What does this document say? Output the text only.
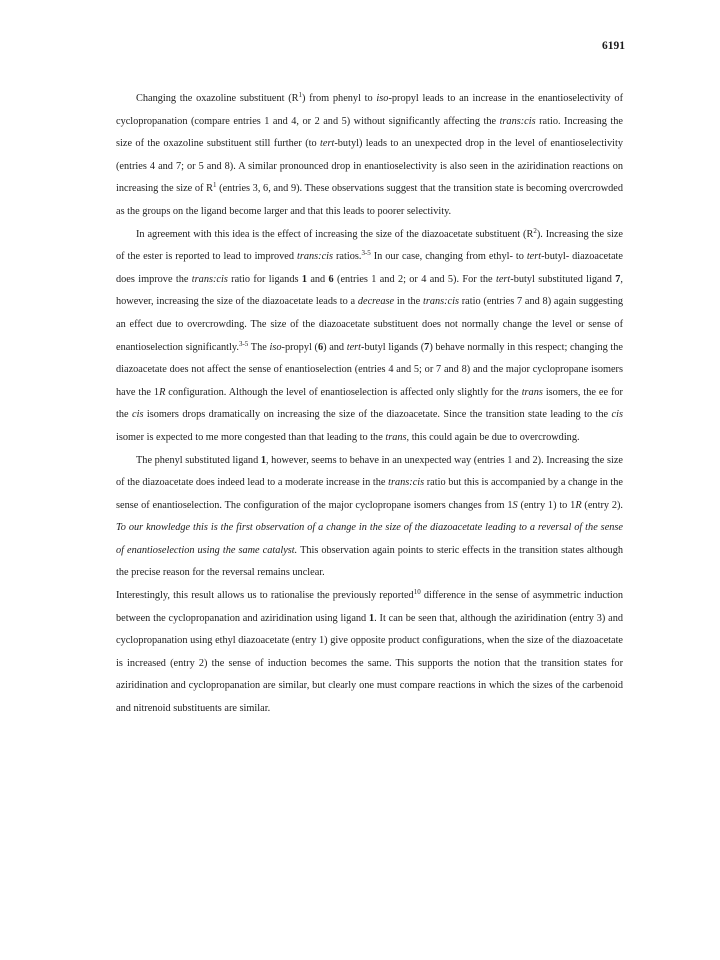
6191

Changing the oxazoline substituent $(R^1)$ from phenyl to iso-propyl leads to an increase in the enantioselectivity of cyclopropanation (compare entries 1 and 4, or 2 and 5) without significantly affecting the trans:cis ratio. Increasing the size of the oxazoline substituent still further (to tert-butyl) leads to an unexpected drop in the level of enantioselectivity (entries 4 and 7; or 5 and 8). A similar pronounced drop in enantioselectivity is also seen in the aziridination reactions on increasing the size of $R^1$ (entries 3, 6, and 9). These observations suggest that the transition state is becoming overcrowded as the groups on the ligand become larger and that this leads to poorer selectivity.

In agreement with this idea is the effect of increasing the size of the diazoacetate substituent $(R^2)$. Increasing the size of the ester is reported to lead to improved trans:cis ratios.$^{3-5}$ In our case, changing from ethyl- to tert-butyl- diazoacetate does improve the trans:cis ratio for ligands 1 and 6 (entries 1 and 2; or 4 and 5). For the tert-butyl substituted ligand 7, however, increasing the size of the diazoacetate leads to a decrease in the trans:cis ratio (entries 7 and 8) again suggesting an effect due to overcrowding. The size of the diazoacetate substituent does not normally change the level or sense of enantioselection significantly.$^{3-5}$ The iso-propyl (6) and tert-butyl ligands (7) behave normally in this respect; changing the diazoacetate does not affect the sense of enantioselection (entries 4 and 5; or 7 and 8) and the major cyclopropane isomers have the 1R configuration. Although the level of enantioselection is affected only slightly for the trans isomers, the ee for the cis isomers drops dramatically on increasing the size of the diazoacetate. Since the transition state leading to the cis isomer is expected to me more congested than that leading to the trans, this could again be due to overcrowding.

The phenyl substituted ligand 1, however, seems to behave in an unexpected way (entries 1 and 2). Increasing the size of the diazoacetate does indeed lead to a moderate increase in the trans:cis ratio but this is accompanied by a change in the sense of enantioselection. The configuration of the major cyclopropane isomers changes from 1S (entry 1) to 1R (entry 2). To our knowledge this is the first observation of a change in the size of the diazoacetate leading to a reversal of the sense of enantioselection using the same catalyst. This observation again points to steric effects in the transition states although the precise reason for the reversal remains unclear.

Interestingly, this result allows us to rationalise the previously reported$^{10}$ difference in the sense of asymmetric induction between the cyclopropanation and aziridination using ligand 1. It can be seen that, although the aziridination (entry 3) and cyclopropanation using ethyl diazoacetate (entry 1) give opposite product configurations, when the size of the diazoacetate is increased (entry 2) the sense of induction becomes the same. This supports the notion that the transition states for aziridination and cyclopropanation are similar, but clearly one must compare reactions in which the sizes of the carbenoid and nitrenoid substituents are similar.
